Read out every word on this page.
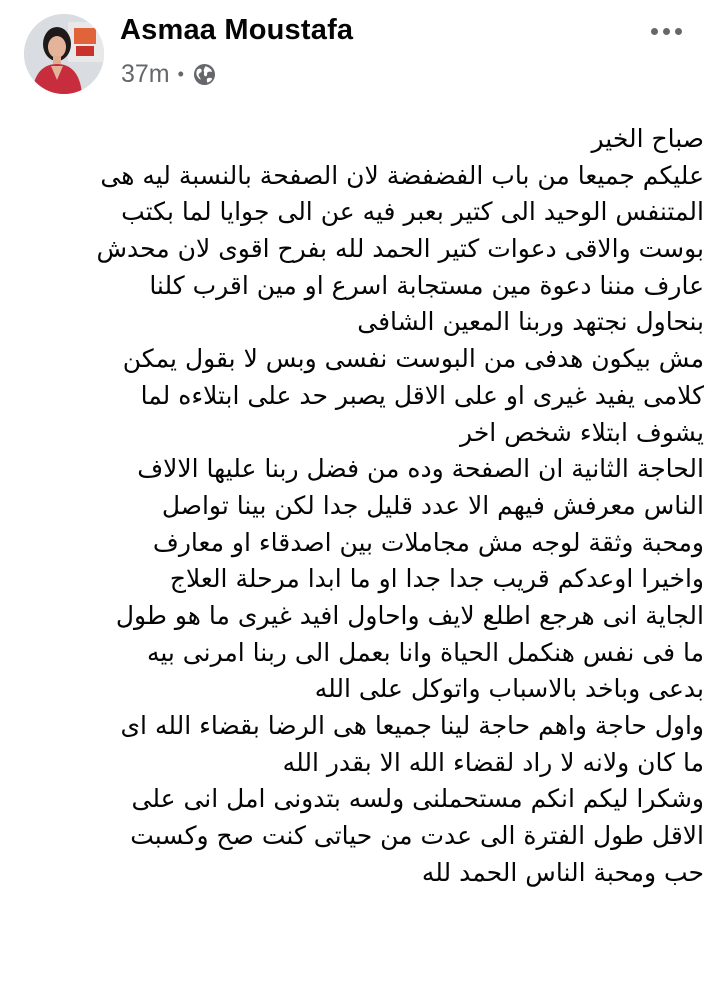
Asmaa Moustafa
37m •
صباح الخير
عليكم جميعا من باب الفضفضة لان الصفحة بالنسبة ليه هى
المتنفس الوحيد الى كتير بعبر فيه عن الى جوايا لما بكتب
بوست والاقى دعوات كتير الحمد لله بفرح اقوى لان محدش
عارف مننا دعوة مين مستجابة اسرع او مين اقرب كلنا
بنحاول نجتهد وربنا المعين الشافى
مش بيكون هدفى من البوست نفسى وبس لا بقول يمكن
كلامى يفيد غيرى او على الاقل يصبر حد على ابتلاءه لما
يشوف ابتلاء شخص اخر
الحاجة الثانية ان الصفحة وده من فضل ربنا عليها الالاف
الناس معرفش فيهم الا عدد قليل جدا لكن بينا تواصل
ومحبة وثقة لوجه مش مجاملات بين اصدقاء او معارف
واخيرا اوعدكم قريب جدا جدا او ما ابدا مرحلة العلاج
الجاية انى هرجع اطلع لايف واحاول افيد غيرى ما هو طول
ما فى نفس هنكمل الحياة وانا بعمل الى ربنا امرنى بيه
بدعى وباخد بالاسباب واتوكل على الله
واول حاجة واهم حاجة لينا جميعا هى الرضا بقضاء الله اى
ما كان ولانه لا راد لقضاء الله الا بقدر الله
وشكرا ليكم انكم مستحملنى ولسه بتدونى امل انى على
الاقل طول الفترة الى عدت من حياتى كنت صح وكسبت
حب ومحبة الناس الحمد لله
